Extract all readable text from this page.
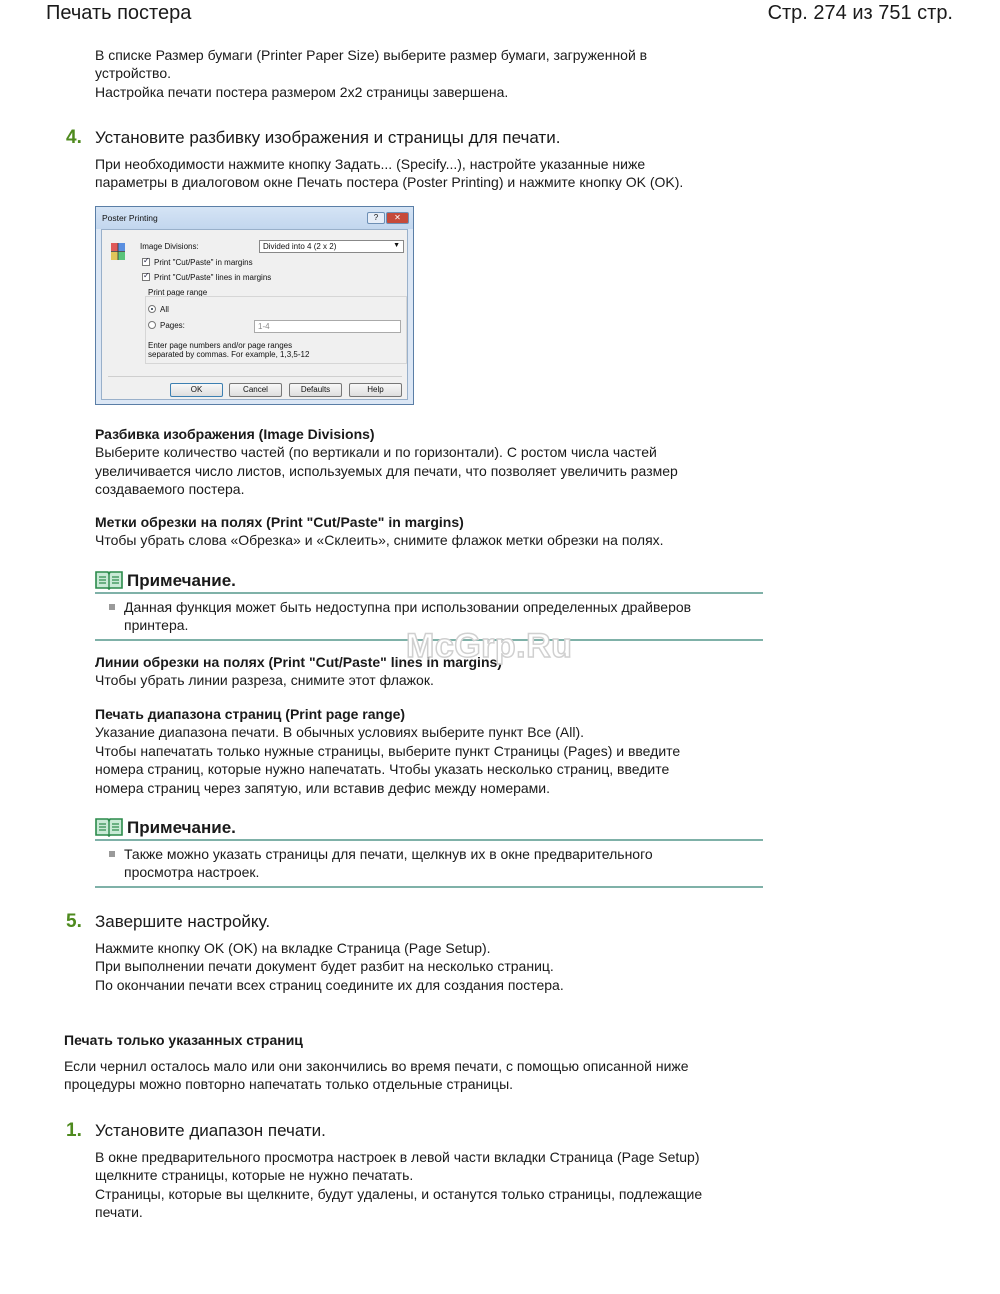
Печать постера	Стр. 274 из 751 стр.
В списке Размер бумаги (Printer Paper Size) выберите размер бумаги, загруженной в
устройство.
Настройка печати постера размером 2x2 страницы завершена.
4. Установите разбивку изображения и страницы для печати.
При необходимости нажмите кнопку Задать... (Specify...), настройте указанные ниже
параметры в диалоговом окне Печать постера (Poster Printing) и нажмите кнопку OK (OK).
Poster Printing	?	✕
Image Divisions:	Divided into 4 (2 x 2)	▼
✓
Print "Cut/Paste" in margins
✓
Print "Cut/Paste" lines in margins
Print page range
All
Pages:	1-4
Enter page numbers and/or page ranges
separated by commas. For example, 1,3,5-12
OK	Cancel	Defaults	Help
Разбивка изображения (Image Divisions)
Выберите количество частей (по вертикали и по горизонтали). С ростом числа частей
увеличивается число листов, используемых для печати, что позволяет увеличить размер
создаваемого постера.
Метки обрезки на полях (Print "Cut/Paste" in margins)
Чтобы убрать слова «Обрезка» и «Склеить», снимите флажок метки обрезки на полях.
Примечание.
Данная функция может быть недоступна при использовании определенных драйверов
принтера.
Линии обрезки на полях (Print "Cut/Paste" lines in margins)
Чтобы убрать линии разреза, снимите этот флажок.
McGrp.Ru
Печать диапазона страниц (Print page range)
Указание диапазона печати. В обычных условиях выберите пункт Все (All).
Чтобы напечатать только нужные страницы, выберите пункт Страницы (Pages) и введите
номера страниц, которые нужно напечатать. Чтобы указать несколько страниц, введите
номера страниц через запятую, или вставив дефис между номерами.
Примечание.
Также можно указать страницы для печати, щелкнув их в окне предварительного
просмотра настроек.
5. Завершите настройку.
Нажмите кнопку OK (OK) на вкладке Страница (Page Setup).
При выполнении печати документ будет разбит на несколько страниц.
По окончании печати всех страниц соедините их для создания постера.
Печать только указанных страниц
Если чернил осталось мало или они закончились во время печати, с помощью описанной ниже
процедуры можно повторно напечатать только отдельные страницы.
1. Установите диапазон печати.
В окне предварительного просмотра настроек в левой части вкладки Страница (Page Setup)
щелкните страницы, которые не нужно печатать.
Страницы, которые вы щелкните, будут удалены, и останутся только страницы, подлежащие
печати.
